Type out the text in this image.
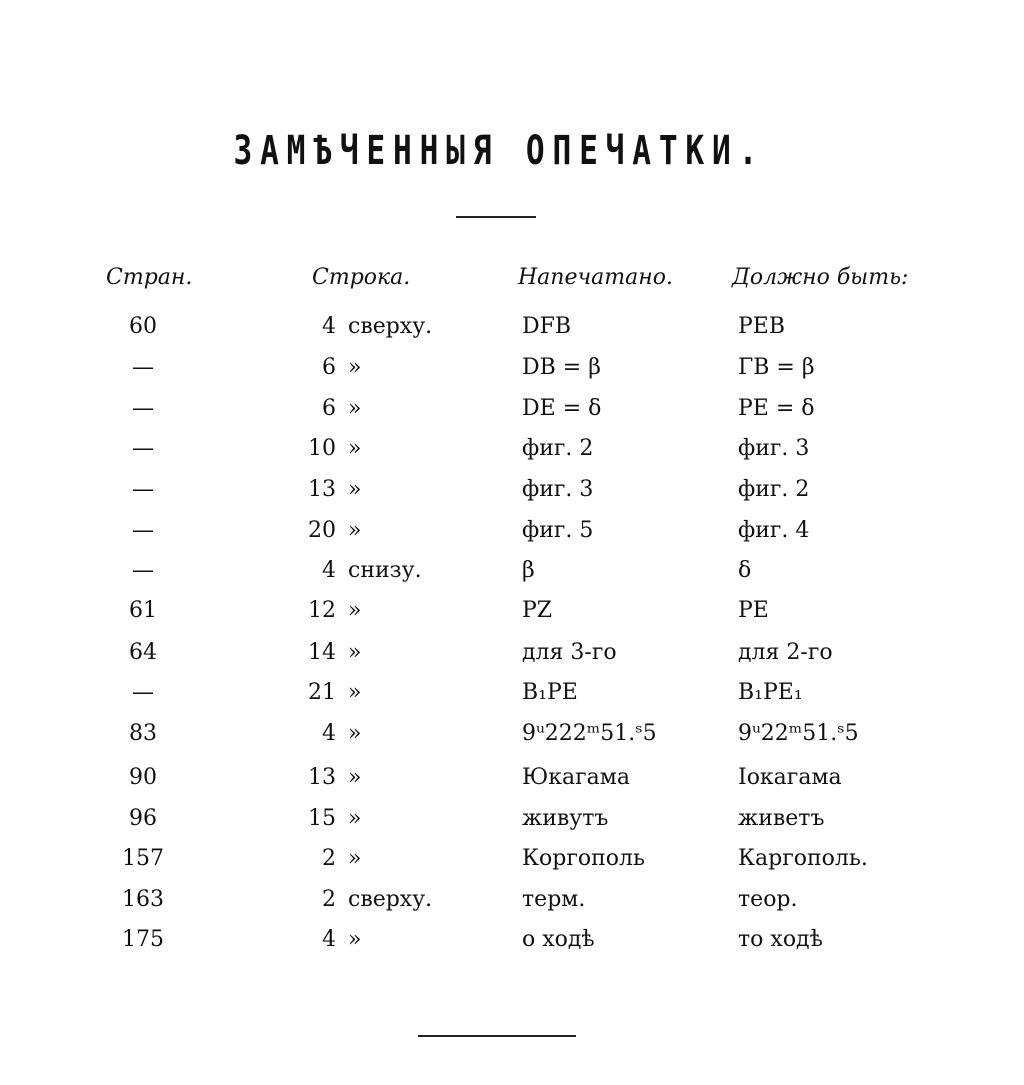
ЗАМѢЧЕННЫЯ ОПЕЧАТКИ.
Стран.	Строка.	Напечатано.	Должно быть:
60	4 сверху.	DFB	PEB
—	6 »	DB = β	ΓB = β
—	6 »	DE = δ	PE = δ
—	10 »	фиг. 2	фиг. 3
—	13 »	фиг. 3	фиг. 2
—	20 »	фиг. 5	фиг. 4
—	4 снизу.	β	δ
61	12 »	PZ	PE
64	14 »	для 3-го	для 2-го
—	21 »	B₁PE	B₁PE₁
83	4 »	9ᵘ222ᵐ51.ˢ5	9ᵘ22ᵐ51.ˢ5
90	13 »	Юкагама	Iокагама
96	15 »	живутъ	живетъ
157	2 »	Коргополь	Каргополь.
163	2 сверху.	терм.	теор.
175	4 »	о ходѣ	то ходѣ
